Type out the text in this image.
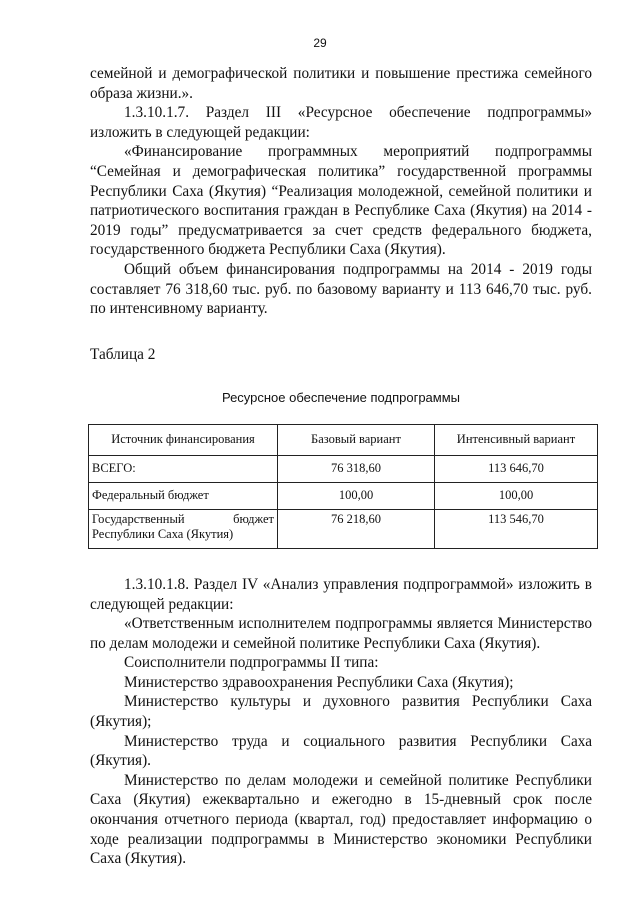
29

семейной и демографической политики и повышение престижа семейного образа жизни.».

1.3.10.1.7. Раздел III «Ресурсное обеспечение подпрограммы» изложить в следующей редакции:

«Финансирование программных мероприятий подпрограммы “Семейная и демографическая политика” государственной программы Республики Саха (Якутия) “Реализация молодежной, семейной политики и патриотического воспитания граждан в Республике Саха (Якутия) на 2014 - 2019 годы” предусматривается за счет средств федерального бюджета, государственного бюджета Республики Саха (Якутия).

Общий объем финансирования подпрограммы на 2014 - 2019 годы составляет 76 318,60 тыс. руб. по базовому варианту и 113 646,70 тыс. руб. по интенсивному варианту.

Таблица 2

Ресурсное обеспечение подпрограммы

Источник финансирования	Базовый вариант	Интенсивный вариант
ВСЕГО:	76 318,60	113 646,70
Федеральный бюджет	100,00	100,00

Государственный бюджет
Республики Саха (Якутия)	76 218,60	113 546,70

1.3.10.1.8. Раздел IV «Анализ управления подпрограммой» изложить в следующей редакции:

«Ответственным исполнителем подпрограммы является Министерство по делам молодежи и семейной политике Республики Саха (Якутия).

Соисполнители подпрограммы II типа:

Министерство здравоохранения Республики Саха (Якутия);

Министерство культуры и духовного развития Республики Саха (Якутия);

Министерство труда и социального развития Республики Саха (Якутия).

Министерство по делам молодежи и семейной политике Республики Саха (Якутия) ежеквартально и ежегодно в 15-дневный срок после окончания отчетного периода (квартал, год) предоставляет информацию о ходе реализации подпрограммы в Министерство экономики Республики Саха (Якутия).
